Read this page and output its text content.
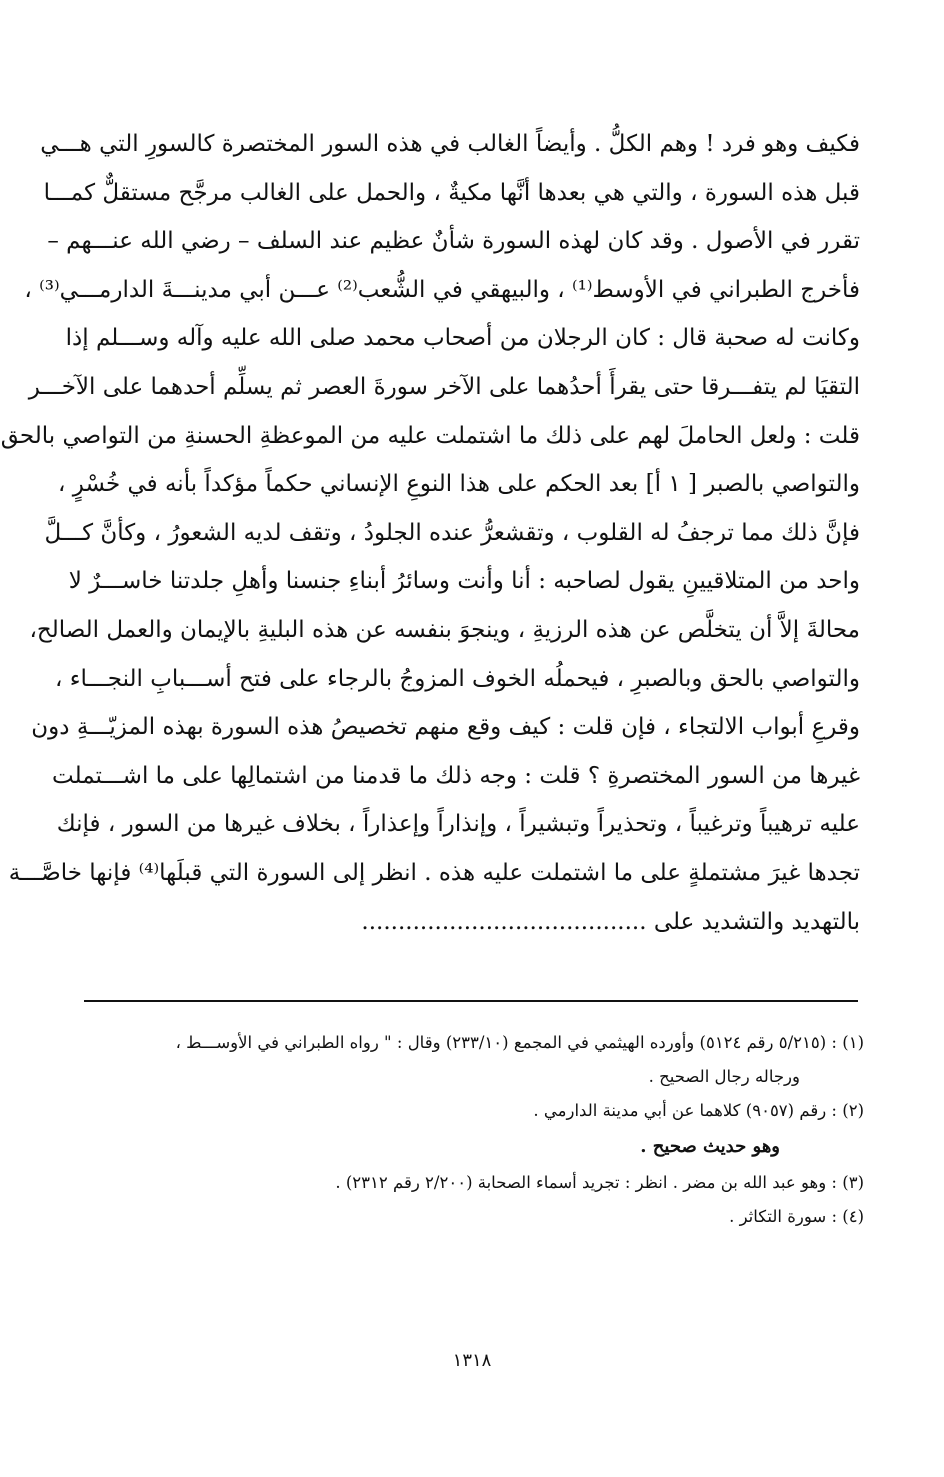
فكيف وهو فرد ! وهم الكلُّ . وأيضاً الغالب في هذه السور المختصرة كالسورِ التي هـــي
قبل هذه السورة ، والتي هي بعدها أنَّها مكيةٌ ، والحمل على الغالب مرجَّح مستقلٌّ كمـــا
تقرر في الأصول . وقد كان لهذه السورة شأنٌ عظيم عند السلف – رضي الله عنـــهم –
فأخرج الطبراني في الأوسط⁽¹⁾ ، والبيهقي في الشُّعب⁽²⁾ عـــن أبي مدينـــةَ الدارمـــي⁽³⁾ ،
وكانت له صحبة قال : كان الرجلان من أصحاب محمد صلى الله عليه وآله وســـلم إذا
التقيَا لم يتفـــرقا حتى يقرأَ أحدُهما على الآخر سورةَ العصر ثم يسلِّم أحدهما على الآخـــر
قلت : ولعل الحاملَ لهم على ذلك ما اشتملت عليه من الموعظةِ الحسنةِ من التواصي بالحق
والتواصي بالصبر [ ١ أ] بعد الحكم على هذا النوعِ الإنساني حكماً مؤكداً بأنه في خُسْرٍ ،
فإنَّ ذلك مما ترجفُ له القلوب ، وتقشعرُّ عنده الجلودُ ، وتقف لديه الشعورُ ، وكأنَّ كـــلَّ
واحد من المتلاقيينِ يقول لصاحبه : أنا وأنت وسائرُ أبناءِ جنسنا وأهلِ جلدتنا خاســـرٌ لا
محالةَ إلاَّ أن يتخلَّص عن هذه الرزيةِ ، وينجوَ بنفسه عن هذه البليةِ بالإيمان والعمل الصالح،
والتواصي بالحق وبالصبرِ ، فيحملُه الخوف المزوجُ بالرجاء على فتح أســـبابِ النجـــاء ،
وقرعِ أبواب الالتجاء ، فإن قلت : كيف وقع منهم تخصيصُ هذه السورة بهذه المزيّـــةِ دون
غيرها من السور المختصرةِ ؟ قلت : وجه ذلك ما قدمنا من اشتمالِها على ما اشـــتملت
عليه ترهيباً وترغيباً ، وتحذيراً وتبشيراً ، وإنذاراً وإعذاراً ، بخلاف غيرها من السور ، فإنك
تجدها غيرَ مشتملةٍ على ما اشتملت عليه هذه . انظر إلى السورة التي قبلَها⁽⁴⁾ فإنها خاصَّـــة
بالتهديد والتشديد على .......................................
(١) : (٥/٢١٥ رقم ٥١٢٤) وأورده الهيثمي في المجمع (٢٣٣/١٠) وقال : " رواه الطبراني في الأوســـط ،
ورجاله رجال الصحيح .
(٢) : رقم (٩٠٥٧) كلاهما عن أبي مدينة الدارمي .
وهو حديث صحيح .
(٣) : وهو عبد الله بن مضر . انظر : تجريد أسماء الصحابة (٢/٢٠٠ رقم ٢٣١٢) .
(٤) : سورة التكاثر .
١٣١٨
